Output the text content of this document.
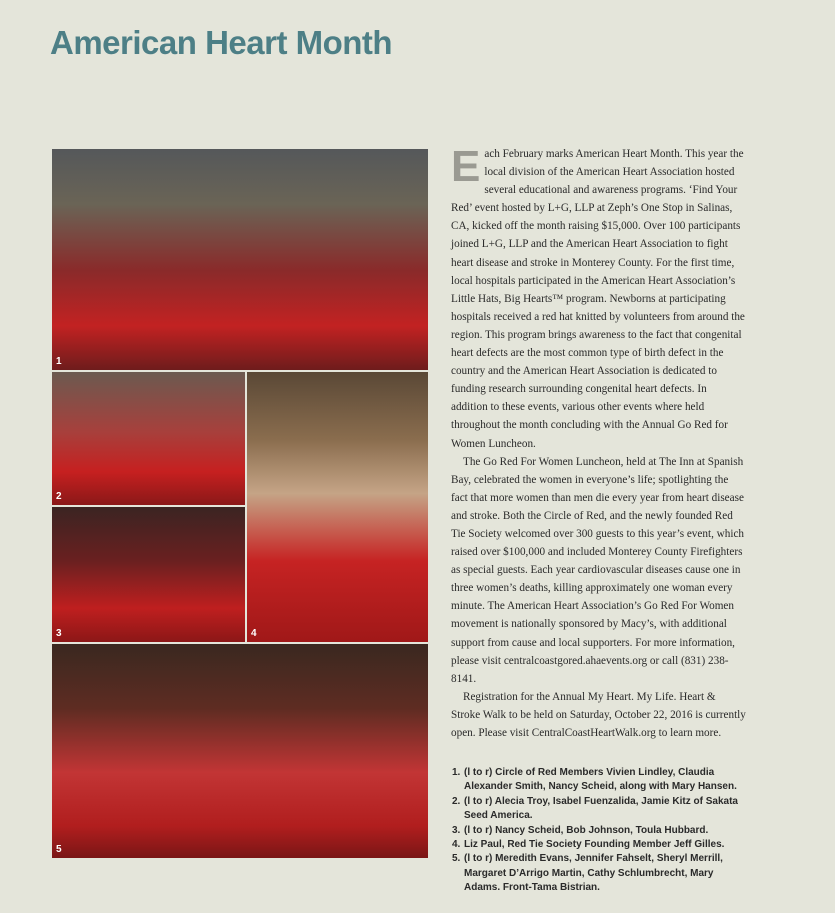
American Heart Month
1
2
3	4
5

Each February marks American Heart Month. This year the local division of the American Heart Association hosted several educational and awareness programs. ‘Find Your Red’ event hosted by L+G, LLP at Zeph’s One Stop in Salinas, CA, kicked off the month raising $15,000. Over 100 participants joined L+G, LLP and the American Heart Association to fight heart disease and stroke in Monterey County. For the first time, local hospitals participated in the American Heart Association’s Little Hats, Big Hearts™ program. Newborns at participating hospitals received a red hat knitted by volunteers from around the region. This program brings awareness to the fact that congenital heart defects are the most common type of birth defect in the country and the American Heart Association is dedicated to funding research surrounding congenital heart defects. In addition to these events, various other events where held throughout the month concluding with the Annual Go Red for Women Luncheon.

The Go Red For Women Luncheon, held at The Inn at Spanish Bay, celebrated the women in everyone’s life; spotlighting the fact that more women than men die every year from heart disease and stroke. Both the Circle of Red, and the newly founded Red Tie Society welcomed over 300 guests to this year’s event, which raised over $100,000 and included Monterey County Firefighters as special guests. Each year cardiovascular diseases cause one in three women’s deaths, killing approximately one woman every minute. The American Heart Association’s Go Red For Women movement is nationally sponsored by Macy’s, with additional support from cause and local supporters. For more information, please visit centralcoastgored.ahaevents.org or call (831) 238-8141.

Registration for the Annual My Heart. My Life. Heart & Stroke Walk to be held on Saturday, October 22, 2016 is currently open. Please visit CentralCoastHeartWalk.org to learn more.

1. (l to r) Circle of Red Members Vivien Lindley, Claudia Alexander Smith, Nancy Scheid, along with Mary Hansen.
2. (l to r) Alecia Troy, Isabel Fuenzalida, Jamie Kitz of Sakata Seed America.
3. (l to r) Nancy Scheid, Bob Johnson, Toula Hubbard.
4. Liz Paul, Red Tie Society Founding Member Jeff Gilles.
5. (l to r) Meredith Evans, Jennifer Fahselt, Sheryl Merrill, Margaret D’Arrigo Martin, Cathy Schlumbrecht, Mary Adams. Front-Tama Bistrian.
